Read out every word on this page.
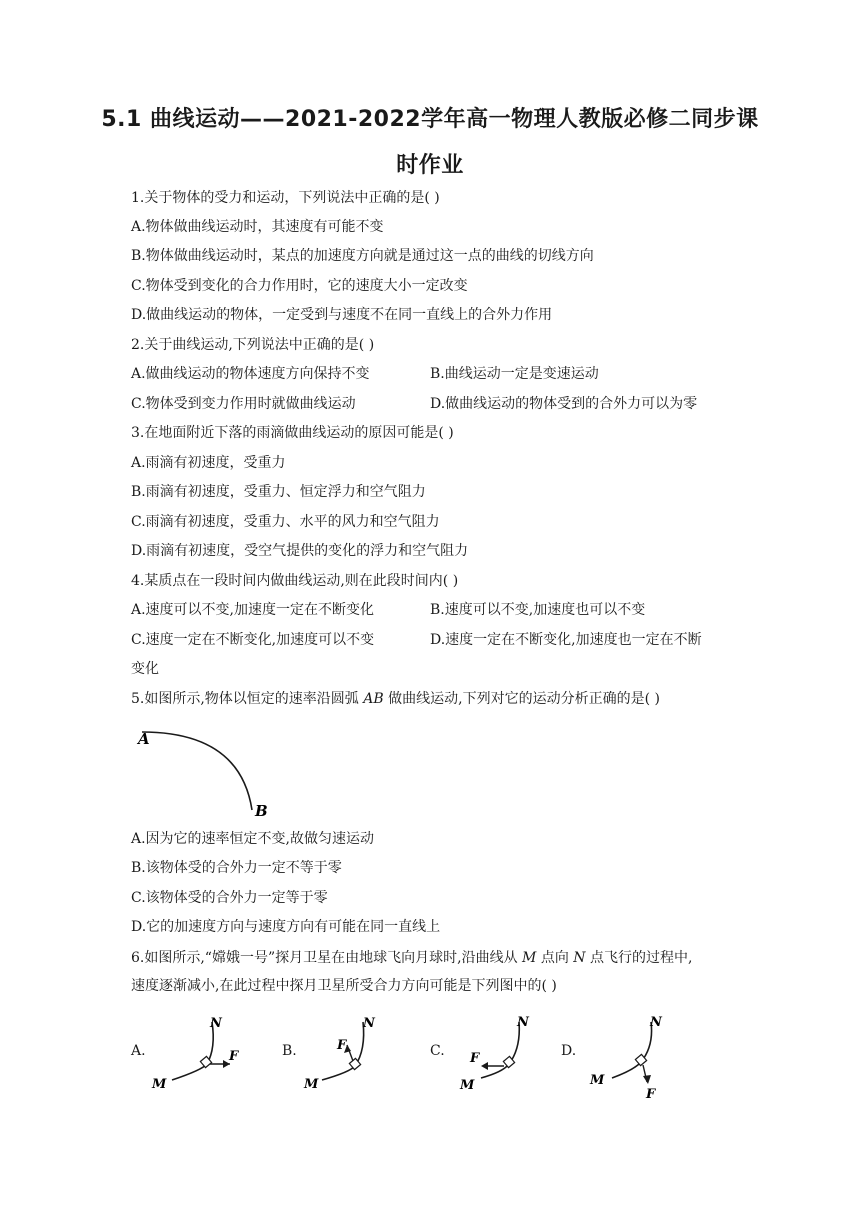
5.1 曲线运动——2021-2022学年高一物理人教版必修二同步课
时作业
1.关于物体的受力和运动，下列说法中正确的是( )
A.物体做曲线运动时，其速度有可能不变
B.物体做曲线运动时，某点的加速度方向就是通过这一点的曲线的切线方向
C.物体受到变化的合力作用时，它的速度大小一定改变
D.做曲线运动的物体，一定受到与速度不在同一直线上的合外力作用
2.关于曲线运动,下列说法中正确的是( )
A.做曲线运动的物体速度方向保持不变	B.曲线运动一定是变速运动
C.物体受到变力作用时就做曲线运动	D.做曲线运动的物体受到的合外力可以为零
3.在地面附近下落的雨滴做曲线运动的原因可能是( )
A.雨滴有初速度，受重力
B.雨滴有初速度，受重力、恒定浮力和空气阻力
C.雨滴有初速度，受重力、水平的风力和空气阻力
D.雨滴有初速度，受空气提供的变化的浮力和空气阻力
4.某质点在一段时间内做曲线运动,则在此段时间内( )
A.速度可以不变,加速度一定在不断变化	B.速度可以不变,加速度也可以不变
C.速度一定在不断变化,加速度可以不变	D.速度一定在不断变化,加速度也一定在不断
变化
5.如图所示,物体以恒定的速率沿圆弧 AB 做曲线运动,下列对它的运动分析正确的是( )
A
B
A.因为它的速率恒定不变,故做匀速运动
B.该物体受的合外力一定不等于零
C.该物体受的合外力一定等于零
D.它的加速度方向与速度方向有可能在同一直线上
6.如图所示,“嫦娥一号”探月卫星在由地球飞向月球时,沿曲线从 M 点向 N 点飞行的过程中,
速度逐渐减小,在此过程中探月卫星所受合力方向可能是下列图中的( )
A.
N
M
F	B.
N
M
F	C.
N
M
F	D.
N
M
F
